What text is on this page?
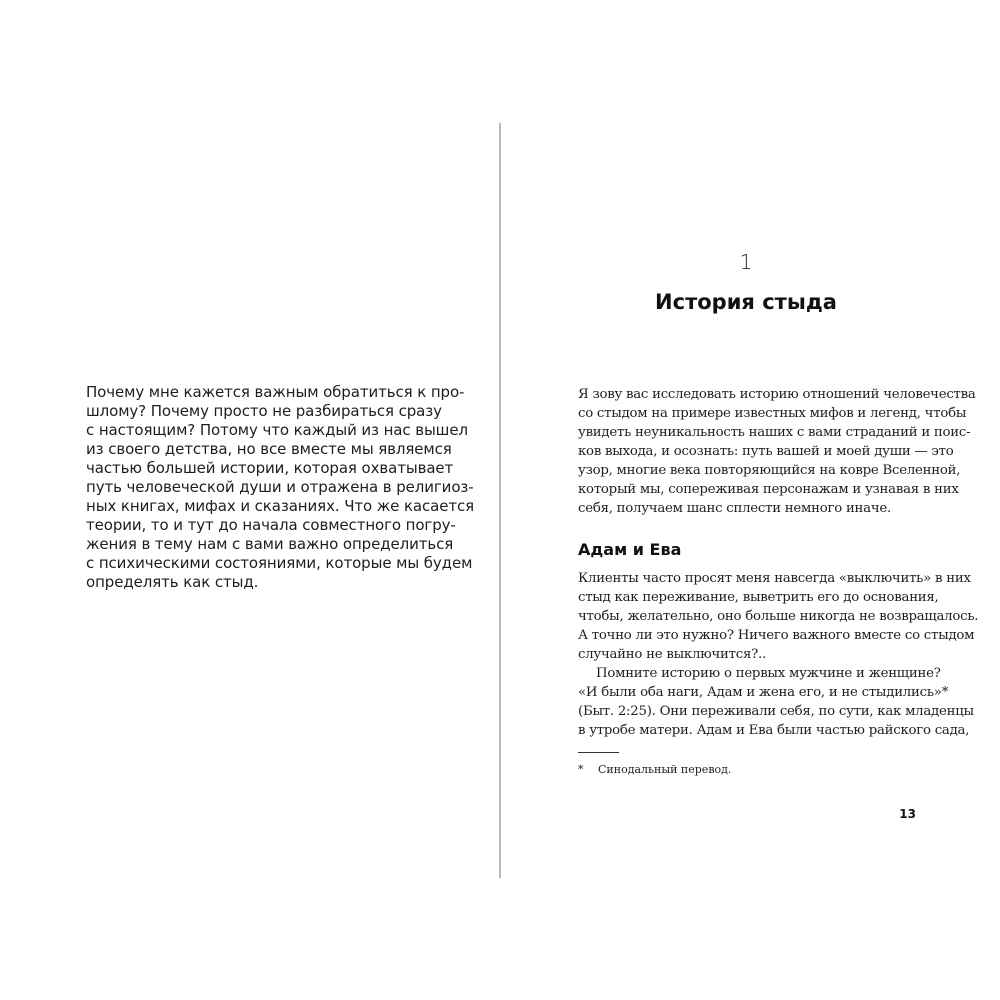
Почему мне кажется важным обратиться к про-
шлому? Почему просто не разбираться сразу
с настоящим? Потому что каждый из нас вышел
из своего детства, но все вместе мы являемся
частью большей истории, которая охватывает
путь человеческой души и отражена в религиоз-
ных книгах, мифах и сказаниях. Что же касается
теории, то и тут до начала совместного погру-
жения в тему нам с вами важно определиться
с психическими состояниями, которые мы будем
определять как стыд.
1
История стыда
Я зову вас исследовать историю отношений человечества
со стыдом на примере известных мифов и легенд, чтобы
увидеть неуникальность наших с вами страданий и поис-
ков выхода, и осознать: путь вашей и моей души — это
узор, многие века повторяющийся на ковре Вселенной,
который мы, сопереживая персонажам и узнавая в них
себя, получаем шанс сплести немного иначе.
Адам и Ева
Клиенты часто просят меня навсегда «выключить» в них
стыд как переживание, выветрить его до основания,
чтобы, желательно, оно больше никогда не возвращалось.
А точно ли это нужно? Ничего важного вместе со стыдом
случайно не выключится?..
Помните историю о первых мужчине и женщине?
«И были оба наги, Адам и жена его, и не стыдились»*
(Быт. 2:25). Они переживали себя, по сути, как младенцы
в утробе матери. Адам и Ева были частью райского сада,
* Синодальный перевод.
13
